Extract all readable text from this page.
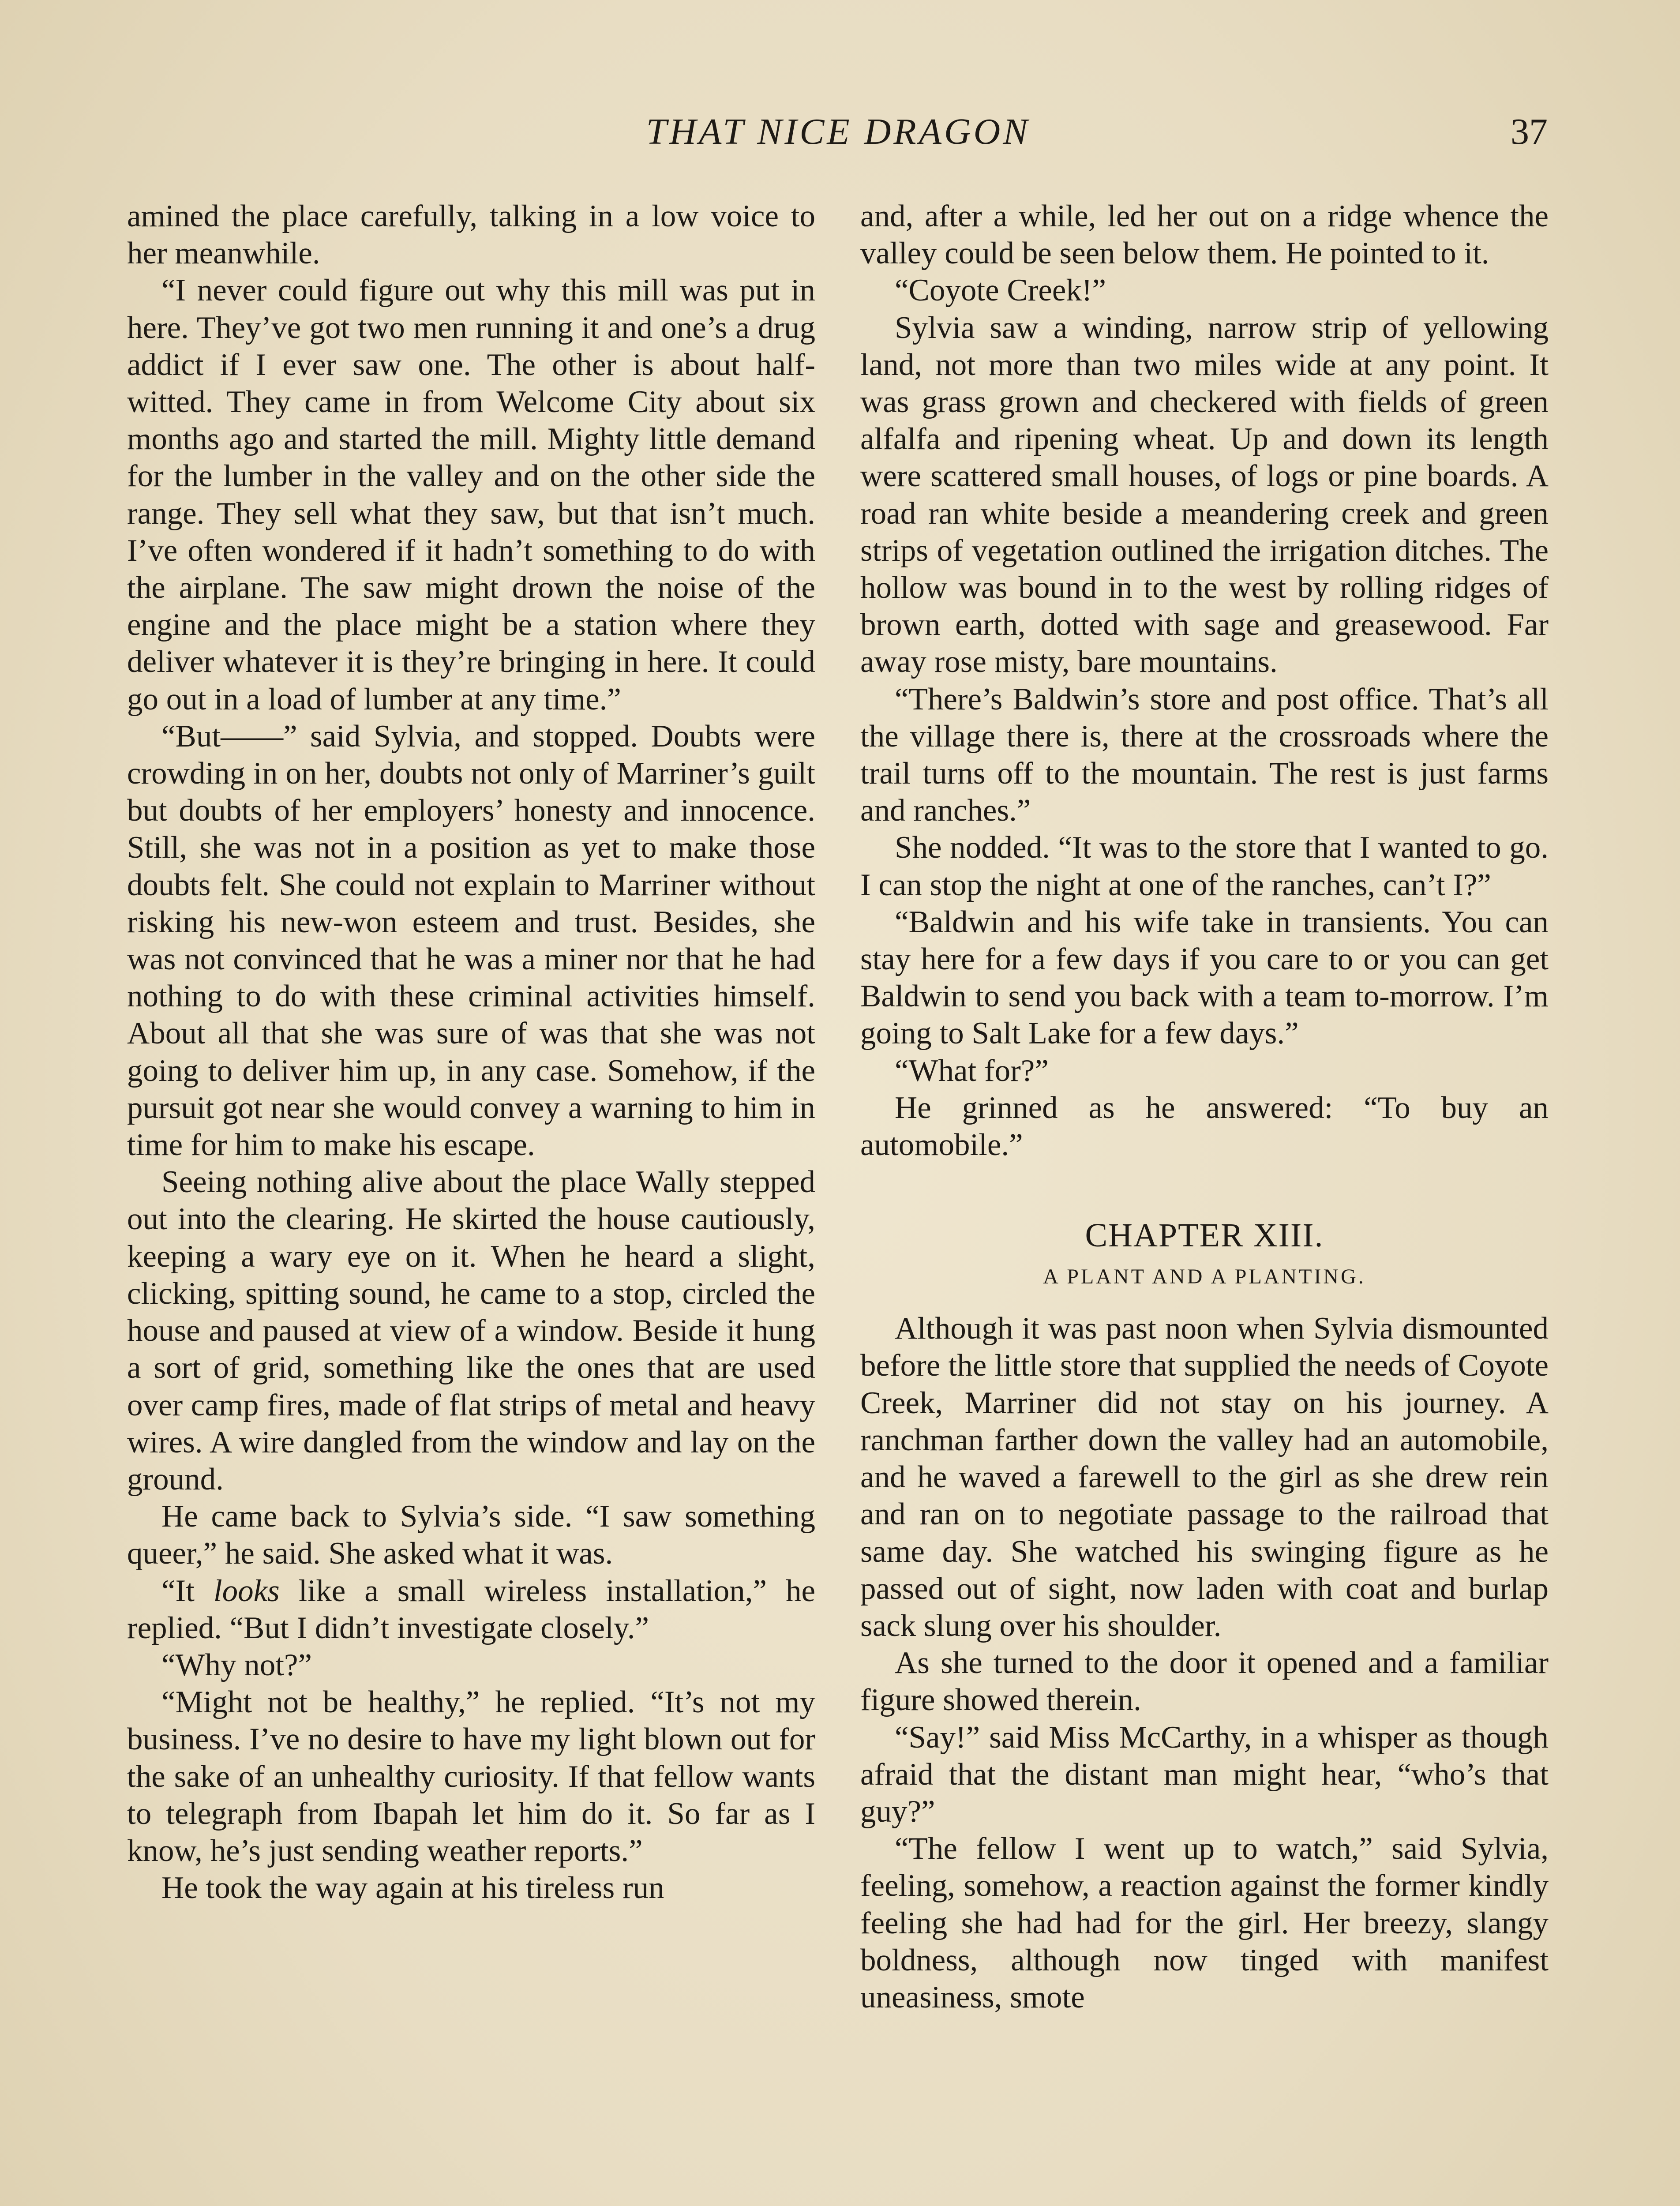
THAT NICE DRAGON	37

amined the place carefully, talking in a low voice to her meanwhile.

“I never could figure out why this mill was put in here. They’ve got two men running it and one’s a drug addict if I ever saw one. The other is about half-witted. They came in from Welcome City about six months ago and started the mill. Mighty little demand for the lumber in the valley and on the other side the range. They sell what they saw, but that isn’t much. I’ve often wondered if it hadn’t something to do with the airplane. The saw might drown the noise of the engine and the place might be a station where they deliver whatever it is they’re bringing in here. It could go out in a load of lumber at any time.”

“But——” said Sylvia, and stopped. Doubts were crowding in on her, doubts not only of Marriner’s guilt but doubts of her employers’ honesty and innocence. Still, she was not in a position as yet to make those doubts felt. She could not explain to Marriner without risking his new-won esteem and trust. Besides, she was not convinced that he was a miner nor that he had nothing to do with these criminal activities himself. About all that she was sure of was that she was not going to deliver him up, in any case. Somehow, if the pursuit got near she would convey a warning to him in time for him to make his escape.

Seeing nothing alive about the place Wally stepped out into the clearing. He skirted the house cautiously, keeping a wary eye on it. When he heard a slight, clicking, spitting sound, he came to a stop, circled the house and paused at view of a window. Beside it hung a sort of grid, something like the ones that are used over camp fires, made of flat strips of metal and heavy wires. A wire dangled from the window and lay on the ground.

He came back to Sylvia’s side. “I saw something queer,” he said. She asked what it was.

“It looks like a small wireless installation,” he replied. “But I didn’t investigate closely.”

“Why not?”

“Might not be healthy,” he replied. “It’s not my business. I’ve no desire to have my light blown out for the sake of an unhealthy curiosity. If that fellow wants to telegraph from Ibapah let him do it. So far as I know, he’s just sending weather reports.”

He took the way again at his tireless run

and, after a while, led her out on a ridge whence the valley could be seen below them. He pointed to it.

“Coyote Creek!”

Sylvia saw a winding, narrow strip of yellowing land, not more than two miles wide at any point. It was grass grown and checkered with fields of green alfalfa and ripening wheat. Up and down its length were scattered small houses, of logs or pine boards. A road ran white beside a meandering creek and green strips of vegetation outlined the irrigation ditches. The hollow was bound in to the west by rolling ridges of brown earth, dotted with sage and greasewood. Far away rose misty, bare mountains.

“There’s Baldwin’s store and post office. That’s all the village there is, there at the crossroads where the trail turns off to the mountain. The rest is just farms and ranches.”

She nodded. “It was to the store that I wanted to go. I can stop the night at one of the ranches, can’t I?”

“Baldwin and his wife take in transients. You can stay here for a few days if you care to or you can get Baldwin to send you back with a team to-morrow. I’m going to Salt Lake for a few days.”

“What for?”

He grinned as he answered: “To buy an automobile.”

CHAPTER XIII.
A PLANT AND A PLANTING.

Although it was past noon when Sylvia dismounted before the little store that supplied the needs of Coyote Creek, Marriner did not stay on his journey. A ranchman farther down the valley had an automobile, and he waved a farewell to the girl as she drew rein and ran on to negotiate passage to the railroad that same day. She watched his swinging figure as he passed out of sight, now laden with coat and burlap sack slung over his shoulder.

As she turned to the door it opened and a familiar figure showed therein.

“Say!” said Miss McCarthy, in a whisper as though afraid that the distant man might hear, “who’s that guy?”

“The fellow I went up to watch,” said Sylvia, feeling, somehow, a reaction against the former kindly feeling she had had for the girl. Her breezy, slangy boldness, although now tinged with manifest uneasiness, smote
